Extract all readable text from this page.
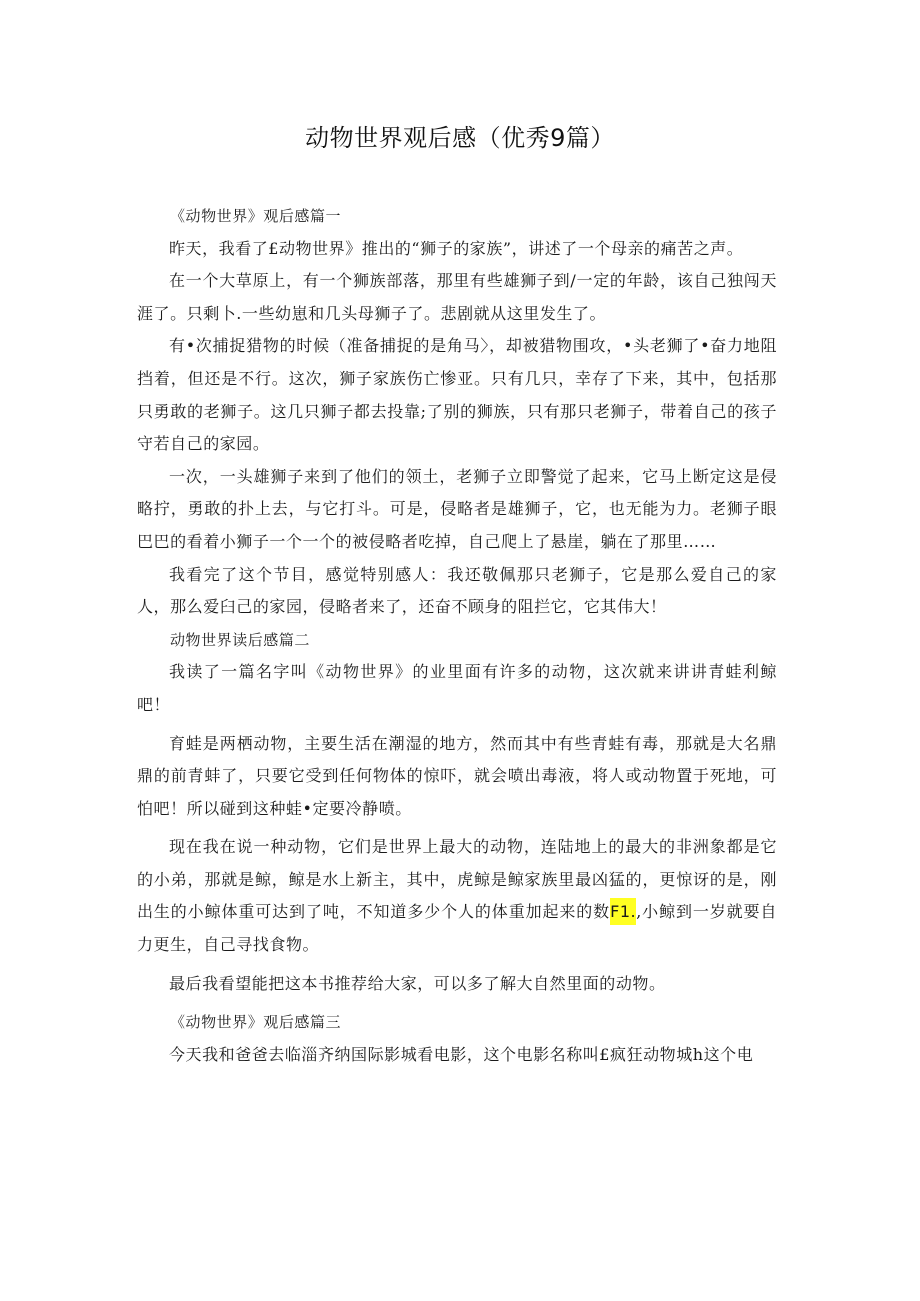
动物世界观后感（优秀9篇）

《动物世界》观后感篇一

昨天，我看了£动物世界》推出的“狮子的家族”，讲述了一个母亲的痛苦之声。

在一个大草原上，有一个狮族部落，那里有些雄狮子到/一定的年龄，该自己独闯天涯了。只剩卜.一些幼崽和几头母狮子了。悲剧就从这里发生了。

有•次捕捉猎物的时候（准备捕捉的是角马〉，却被猎物围攻，•头老狮了•奋力地阻挡着，但还是不行。这次，狮子家族伤亡惨亚。只有几只，幸存了下来，其中，包括那只勇敢的老狮子。这几只狮子都去投靠;了别的狮族，只有那只老狮子，带着自己的孩子守若自己的家园。

一次，一头雄狮子来到了他们的领土，老狮子立即警觉了起来，它马上断定这是侵略拧，勇敢的扑上去，与它打斗。可是，侵略者是雄狮子，它，也无能为力。老狮子眼巴巴的看着小狮子一个一个的被侵略者吃掉，自己爬上了悬崖，躺在了那里……

我看完了这个节目，感觉特别感人：我还敬佩那只老狮子，它是那么爱自己的家人，那么爱臼己的家园，侵略者来了，还奋不顾身的阻拦它，它其伟大！

动物世界读后感篇二

我读了一篇名字叫《动物世界》的业里面有许多的动物，这次就来讲讲青蛙利鲸吧！

育蛙是两栖动物，主要生活在潮湿的地方，然而其中有些青蛙有毒，那就是大名鼎鼎的前青蚌了，只要它受到任何物体的惊吓，就会喷出毒液，将人或动物置于死地，可怕吧！所以碰到这种蛙•定要冷静喷。

现在我在说一种动物，它们是世界上最大的动物，连陆地上的最大的非洲象都是它的小弟，那就是鲸，鲸是水上新主，其中，虎鲸是鲸家族里最凶猛的，更惊讶的是，刚出生的小鲸体重可达到了吨，不知道多少个人的体重加起来的数F1.,小鲸到一岁就要自力更生，自己寻找食物。

最后我看望能把这本书推荐给大家，可以多了解大自然里面的动物。

《动物世界》观后感篇三

今天我和爸爸去临淄齐纳国际影城看电影，这个电影名称叫£疯狂动物城h这个电
